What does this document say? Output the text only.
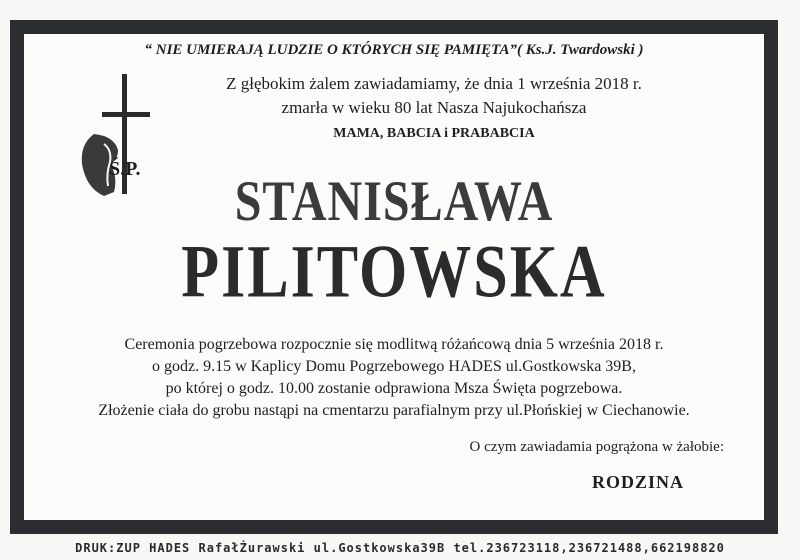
“ NIE UMIERAJĄ LUDZIE O KTÓRYCH SIĘ PAMIĘTA”( Ks.J. Twardowski )
Ś.P.
Z głębokim żalem zawiadamiamy, że dnia 1 września 2018 r.
zmarła w wieku 80 lat Nasza Najukochańsza
MAMA, BABCIA i PRABABCIA
STANISŁAWA
PILITOWSKA
Ceremonia pogrzebowa rozpocznie się modlitwą różańcową dnia 5 września 2018 r.
o godz. 9.15 w Kaplicy Domu Pogrzebowego HADES ul.Gostkowska 39B,
po której o godz. 10.00 zostanie odprawiona Msza Święta pogrzebowa.
Złożenie ciała do grobu nastąpi na cmentarzu parafialnym przy ul.Płońskiej w Ciechanowie.
O czym zawiadamia pogrążona w żałobie:
RODZINA
DRUK:ZUP HADES RafałŻurawski ul.Gostkowska39B tel.236723118,236721488,662198820
